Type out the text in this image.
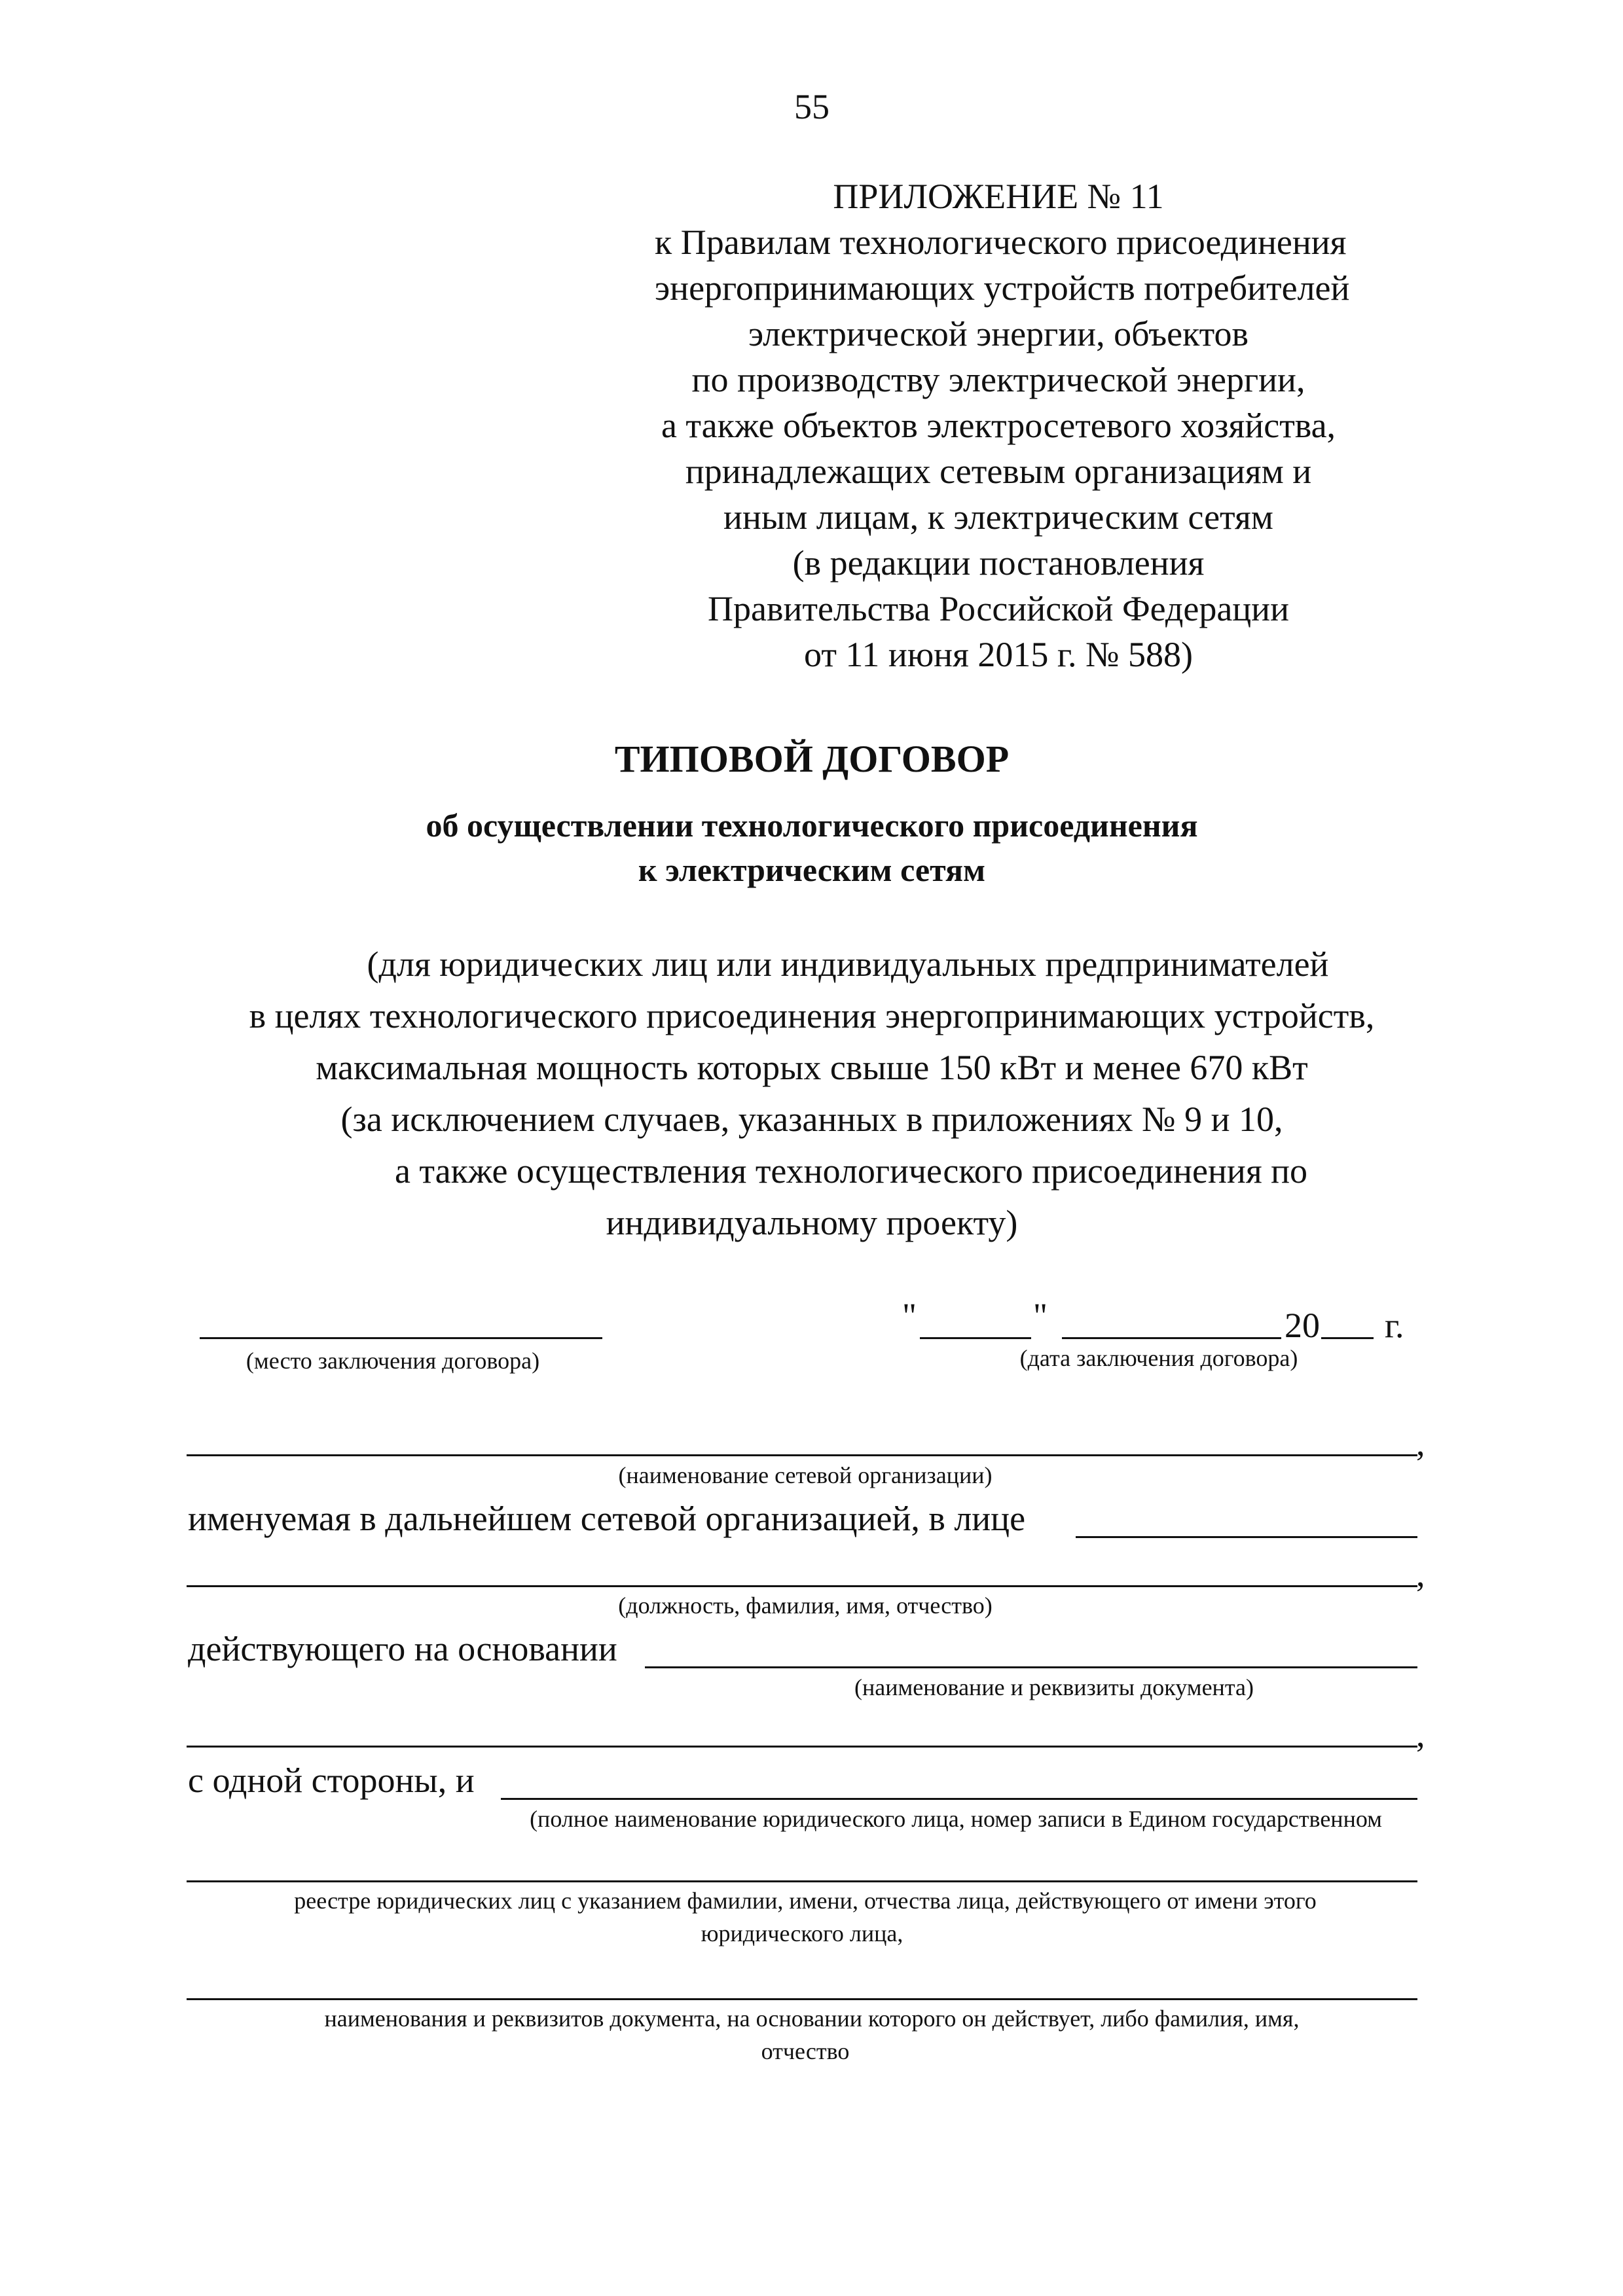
55
ПРИЛОЖЕНИЕ № 11
к Правилам технологического присоединения
энергопринимающих устройств потребителей
электрической энергии, объектов
по производству электрической энергии,
а также объектов электросетевого хозяйства,
принадлежащих сетевым организациям и
иным лицам, к электрическим сетям
(в редакции постановления
Правительства Российской Федерации
от 11 июня 2015 г. № 588)
ТИПОВОЙ ДОГОВОР
об осуществлении технологического присоединения
к электрическим сетям
(для юридических лиц или индивидуальных предпринимателей
в целях технологического присоединения энергопринимающих устройств,
максимальная мощность которых свыше 150 кВт и менее 670 кВт
(за исключением случаев, указанных в приложениях № 9 и 10,
а также осуществления технологического присоединения по
индивидуальному проекту)
"	"	20 г.
(место заключения договора)	(дата заключения договора)
,
(наименование сетевой организации)
именуемая в дальнейшем сетевой организацией, в лице
,
(должность, фамилия, имя, отчество)
действующего на основании
(наименование и реквизиты документа)
,
с одной стороны, и
(полное наименование юридического лица, номер записи в Едином государственном
реестре юридических лиц с указанием фамилии, имени, отчества лица, действующего от имени этого
юридического лица,
наименования и реквизитов документа, на основании которого он действует, либо фамилия, имя,
отчество
